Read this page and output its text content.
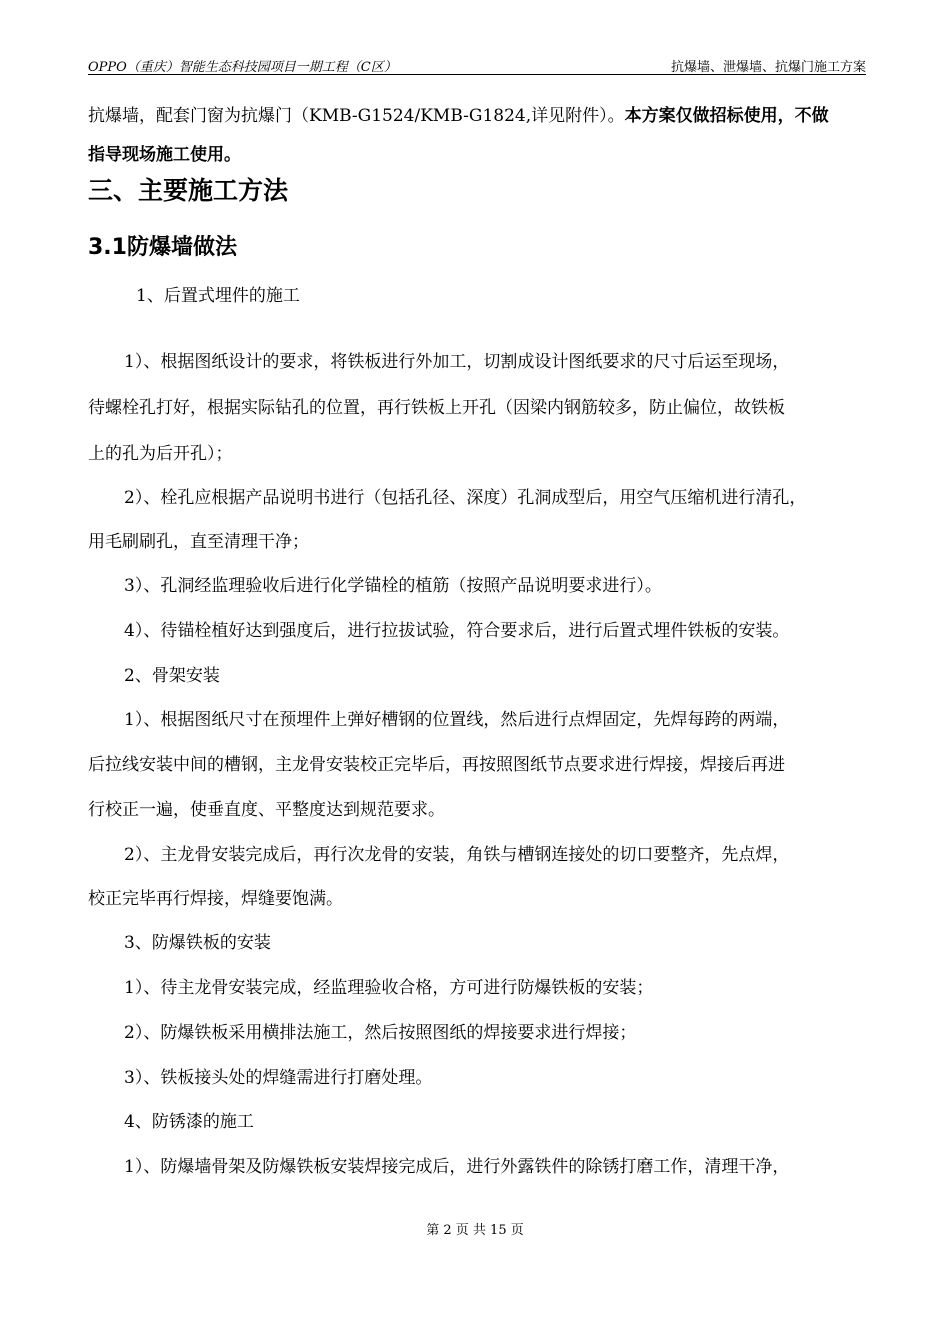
OPPO（重庆）智能生态科技园项目一期工程（C区）	抗爆墙、泄爆墙、抗爆门施工方案
抗爆墙，配套门窗为抗爆门（KMB-G1524/KMB-G1824,详见附件）。本方案仅做招标使用，不做
指导现场施工使用。
三、主要施工方法
3.1防爆墙做法
1、后置式埋件的施工
1）、根据图纸设计的要求，将铁板进行外加工，切割成设计图纸要求的尺寸后运至现场，
待螺栓孔打好，根据实际钻孔的位置，再行铁板上开孔（因梁内钢筋较多，防止偏位，故铁板
上的孔为后开孔）；
2）、栓孔应根据产品说明书进行（包括孔径、深度）孔洞成型后，用空气压缩机进行清孔，
用毛刷刷孔，直至清理干净；
3）、孔洞经监理验收后进行化学锚栓的植筋（按照产品说明要求进行）。
4）、待锚栓植好达到强度后，进行拉拔试验，符合要求后，进行后置式埋件铁板的安装。
2、骨架安装
1）、根据图纸尺寸在预埋件上弹好槽钢的位置线，然后进行点焊固定，先焊每跨的两端，
后拉线安装中间的槽钢，主龙骨安装校正完毕后，再按照图纸节点要求进行焊接，焊接后再进
行校正一遍，使垂直度、平整度达到规范要求。
2）、主龙骨安装完成后，再行次龙骨的安装，角铁与槽钢连接处的切口要整齐，先点焊，
校正完毕再行焊接，焊缝要饱满。
3、防爆铁板的安装
1）、待主龙骨安装完成，经监理验收合格，方可进行防爆铁板的安装；
2）、防爆铁板采用横排法施工，然后按照图纸的焊接要求进行焊接；
3）、铁板接头处的焊缝需进行打磨处理。
4、防锈漆的施工
1）、防爆墙骨架及防爆铁板安装焊接完成后，进行外露铁件的除锈打磨工作，清理干净，
第 2 页 共 15 页
